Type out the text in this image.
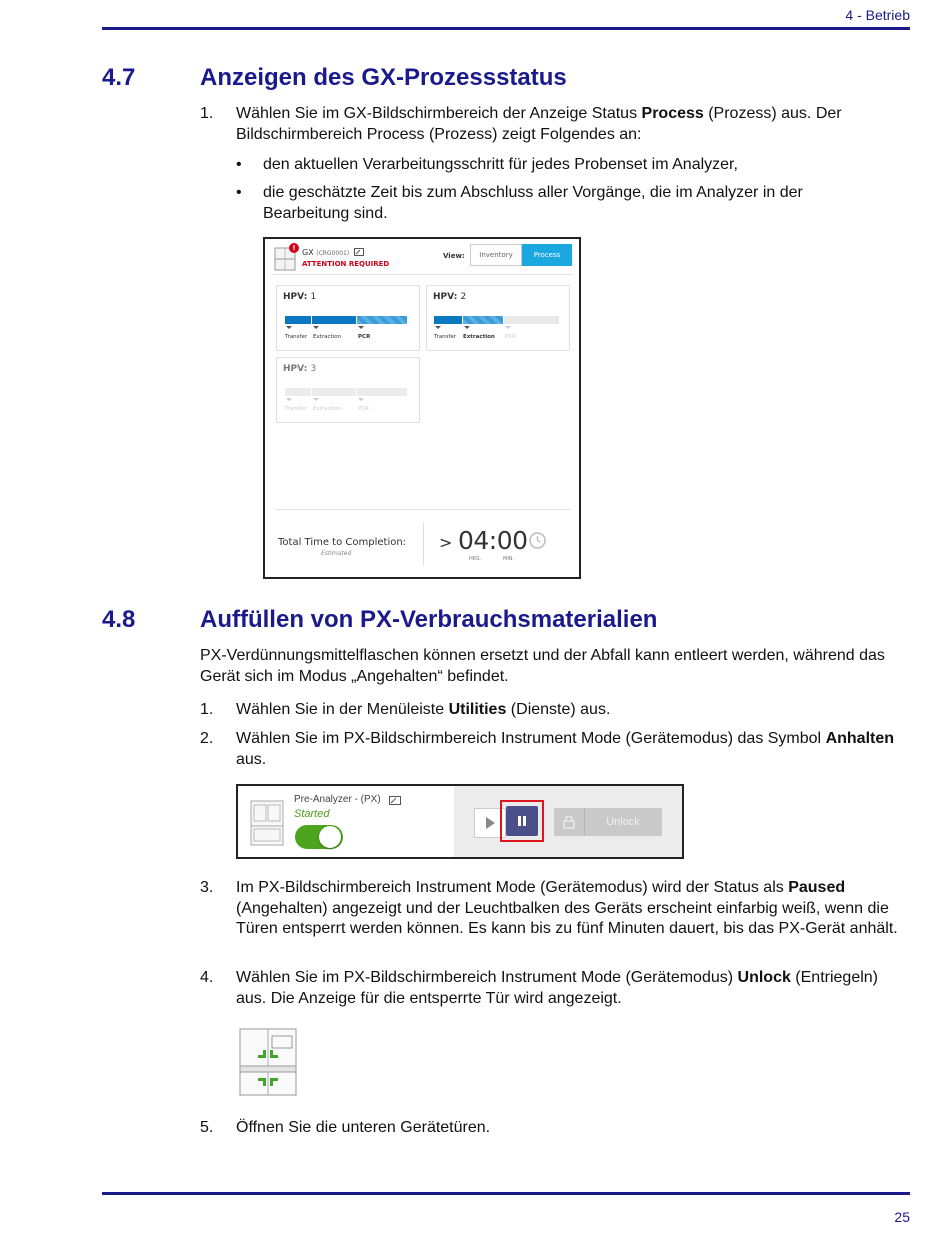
4 - Betrieb
4.7	Anzeigen des GX-Prozessstatus
1. Wählen Sie im GX-Bildschirmbereich der Anzeige Status Process (Prozess) aus. Der Bildschirmbereich Process (Prozess) zeigt Folgendes an:
• den aktuellen Verarbeitungsschritt für jedes Probenset im Analyzer,
• die geschätzte Zeit bis zum Abschluss aller Vorgänge, die im Analyzer in der Bearbeitung sind.
! GX (CRG0001)
ATTENTION REQUIRED
View:	Inventory	Process
HPV: 1
Transfer Extraction	PCR
HPV: 2
Transfer Extraction PCR
HPV: 3
Transfer Extraction	PCR
Total Time to Completion:
Estimated
> 04:00
HRS.	MIN.
4.8	Auffüllen von PX-Verbrauchsmaterialien
PX-Verdünnungsmittelflaschen können ersetzt und der Abfall kann entleert werden, während das Gerät sich im Modus „Angehalten“ befindet.
1. Wählen Sie in der Menüleiste Utilities (Dienste) aus.
2. Wählen Sie im PX-Bildschirmbereich Instrument Mode (Gerätemodus) das Symbol Anhalten aus.
Pre-Analyzer - (PX)
Started
Unlock
3. Im PX-Bildschirmbereich Instrument Mode (Gerätemodus) wird der Status als Paused (Angehalten) angezeigt und der Leuchtbalken des Geräts erscheint einfarbig weiß, wenn die Türen entsperrt werden können. Es kann bis zu fünf Minuten dauert, bis das PX-Gerät anhält.
4. Wählen Sie im PX-Bildschirmbereich Instrument Mode (Gerätemodus) Unlock (Entriegeln) aus. Die Anzeige für die entsperrte Tür wird angezeigt.
5. Öffnen Sie die unteren Gerätetüren.
25
